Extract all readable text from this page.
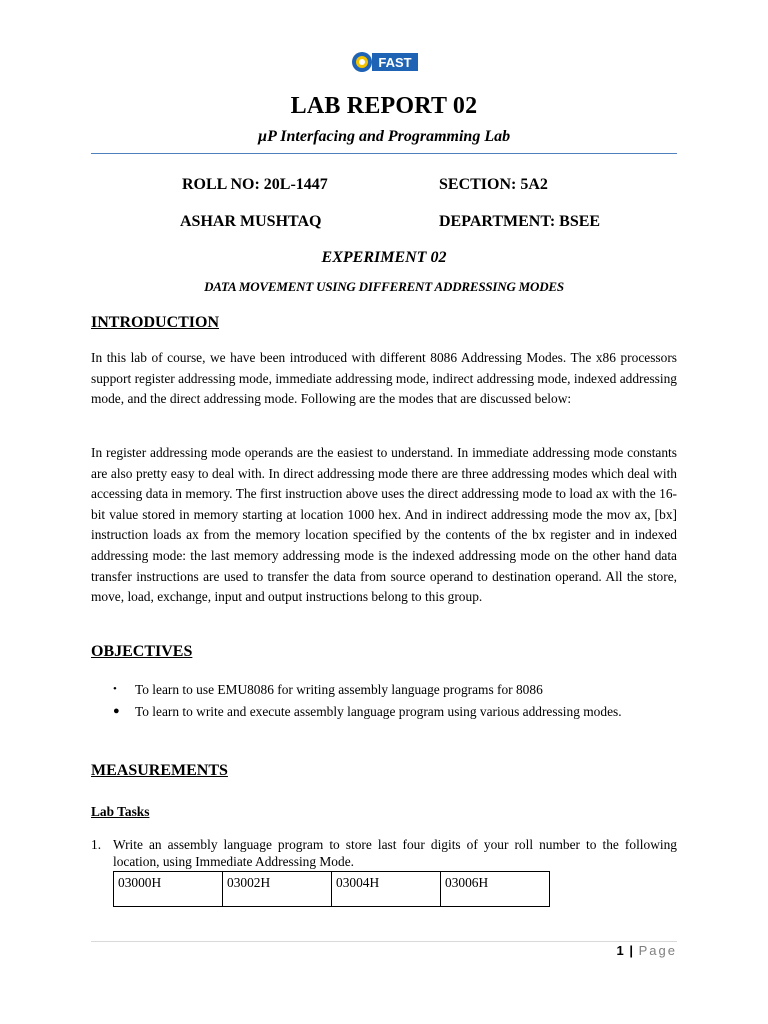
FAST
LAB REPORT 02
µP Interfacing and Programming Lab
ROLL NO: 20L-1447	SECTION: 5A2
ASHAR MUSHTAQ	DEPARTMENT: BSEE
EXPERIMENT 02
DATA MOVEMENT USING DIFFERENT ADDRESSING MODES
INTRODUCTION

In this lab of course, we have been introduced with different 8086 Addressing Modes. The x86 processors support register addressing mode, immediate addressing mode, indirect addressing mode, indexed addressing mode, and the direct addressing mode. Following are the modes that are discussed below:

In register addressing mode operands are the easiest to understand. In immediate addressing mode constants are also pretty easy to deal with. In direct addressing mode there are three addressing modes which deal with accessing data in memory. The first instruction above uses the direct addressing mode to load ax with the 16-bit value stored in memory starting at location 1000 hex. And in indirect addressing mode the mov ax, [bx] instruction loads ax from the memory location specified by the contents of the bx register and in indexed addressing mode: the last memory addressing mode is the indexed addressing mode on the other hand data transfer instructions are used to transfer the data from source operand to destination operand. All the store, move, load, exchange, input and output instructions belong to this group.

OBJECTIVES
• To learn to use EMU8086 for writing assembly language programs for 8086
● To learn to write and execute assembly language program using various addressing modes.
MEASUREMENTS
Lab Tasks
1. Write an assembly language program to store last four digits of your roll number to the following location, using Immediate Addressing Mode.
03000H	03002H	03004H	03006H
1 | Page
